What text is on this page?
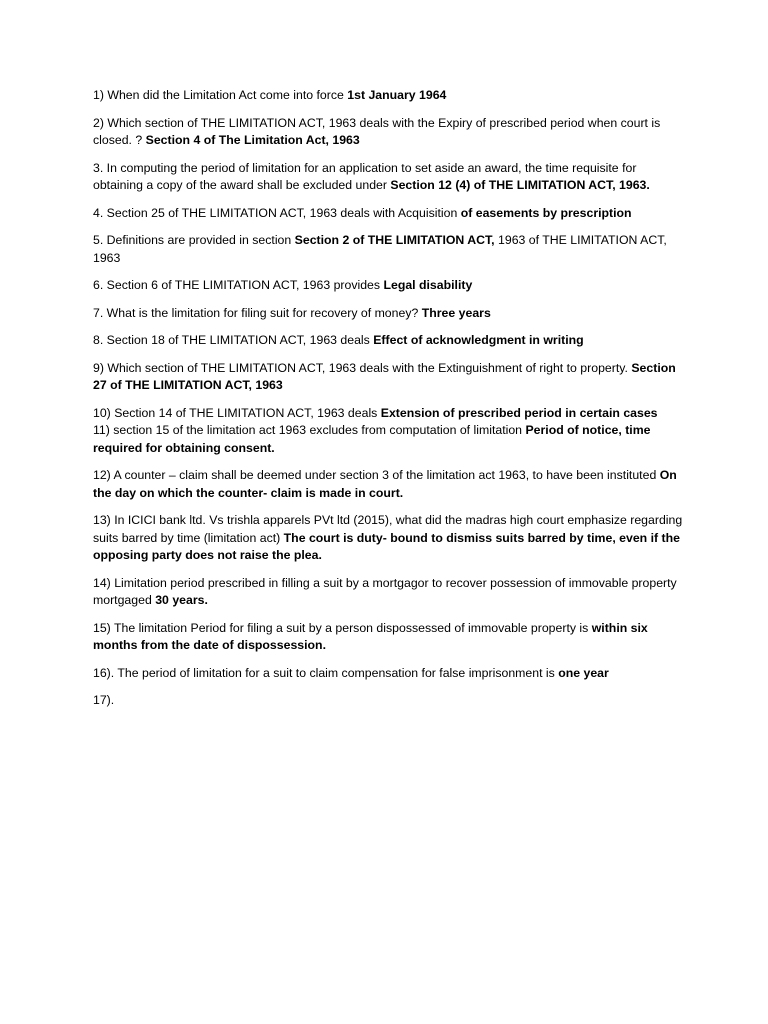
1) When did the Limitation Act come into force 1st January 1964

2) Which section of THE LIMITATION ACT, 1963 deals with the Expiry of prescribed period when court is closed. ? Section 4 of The Limitation Act, 1963

3. In computing the period of limitation for an application to set aside an award, the time requisite for obtaining a copy of the award shall be excluded under Section 12 (4) of THE LIMITATION ACT, 1963.

4. Section 25 of THE LIMITATION ACT, 1963 deals with Acquisition of easements by prescription

5. Definitions are provided in section Section 2 of THE LIMITATION ACT, 1963 of THE LIMITATION ACT, 1963

6. Section 6 of THE LIMITATION ACT, 1963 provides Legal disability

7. What is the limitation for filing suit for recovery of money? Three years

8. Section 18 of THE LIMITATION ACT, 1963 deals Effect of acknowledgment in writing

9) Which section of THE LIMITATION ACT, 1963 deals with the Extinguishment of right to property. Section 27 of THE LIMITATION ACT, 1963

10) Section 14 of THE LIMITATION ACT, 1963 deals Extension of prescribed period in certain cases

11) section 15 of the limitation act 1963 excludes from computation of limitation Period of notice, time required for obtaining consent.

12) A counter – claim shall be deemed under section 3 of the limitation act 1963, to have been instituted On the day on which the counter- claim is made in court.

13) In ICICI bank ltd. Vs trishla apparels PVt ltd (2015), what did the madras high court emphasize regarding suits barred by time (limitation act) The court is duty- bound to dismiss suits barred by time, even if the opposing party does not raise the plea.

14) Limitation period prescribed in filling a suit by a mortgagor to recover possession of immovable property mortgaged 30 years.

15) The limitation Period for filing a suit by a person dispossessed of immovable property is within six months from the date of dispossession.

16). The period of limitation for a suit to claim compensation for false imprisonment is one year

17).
